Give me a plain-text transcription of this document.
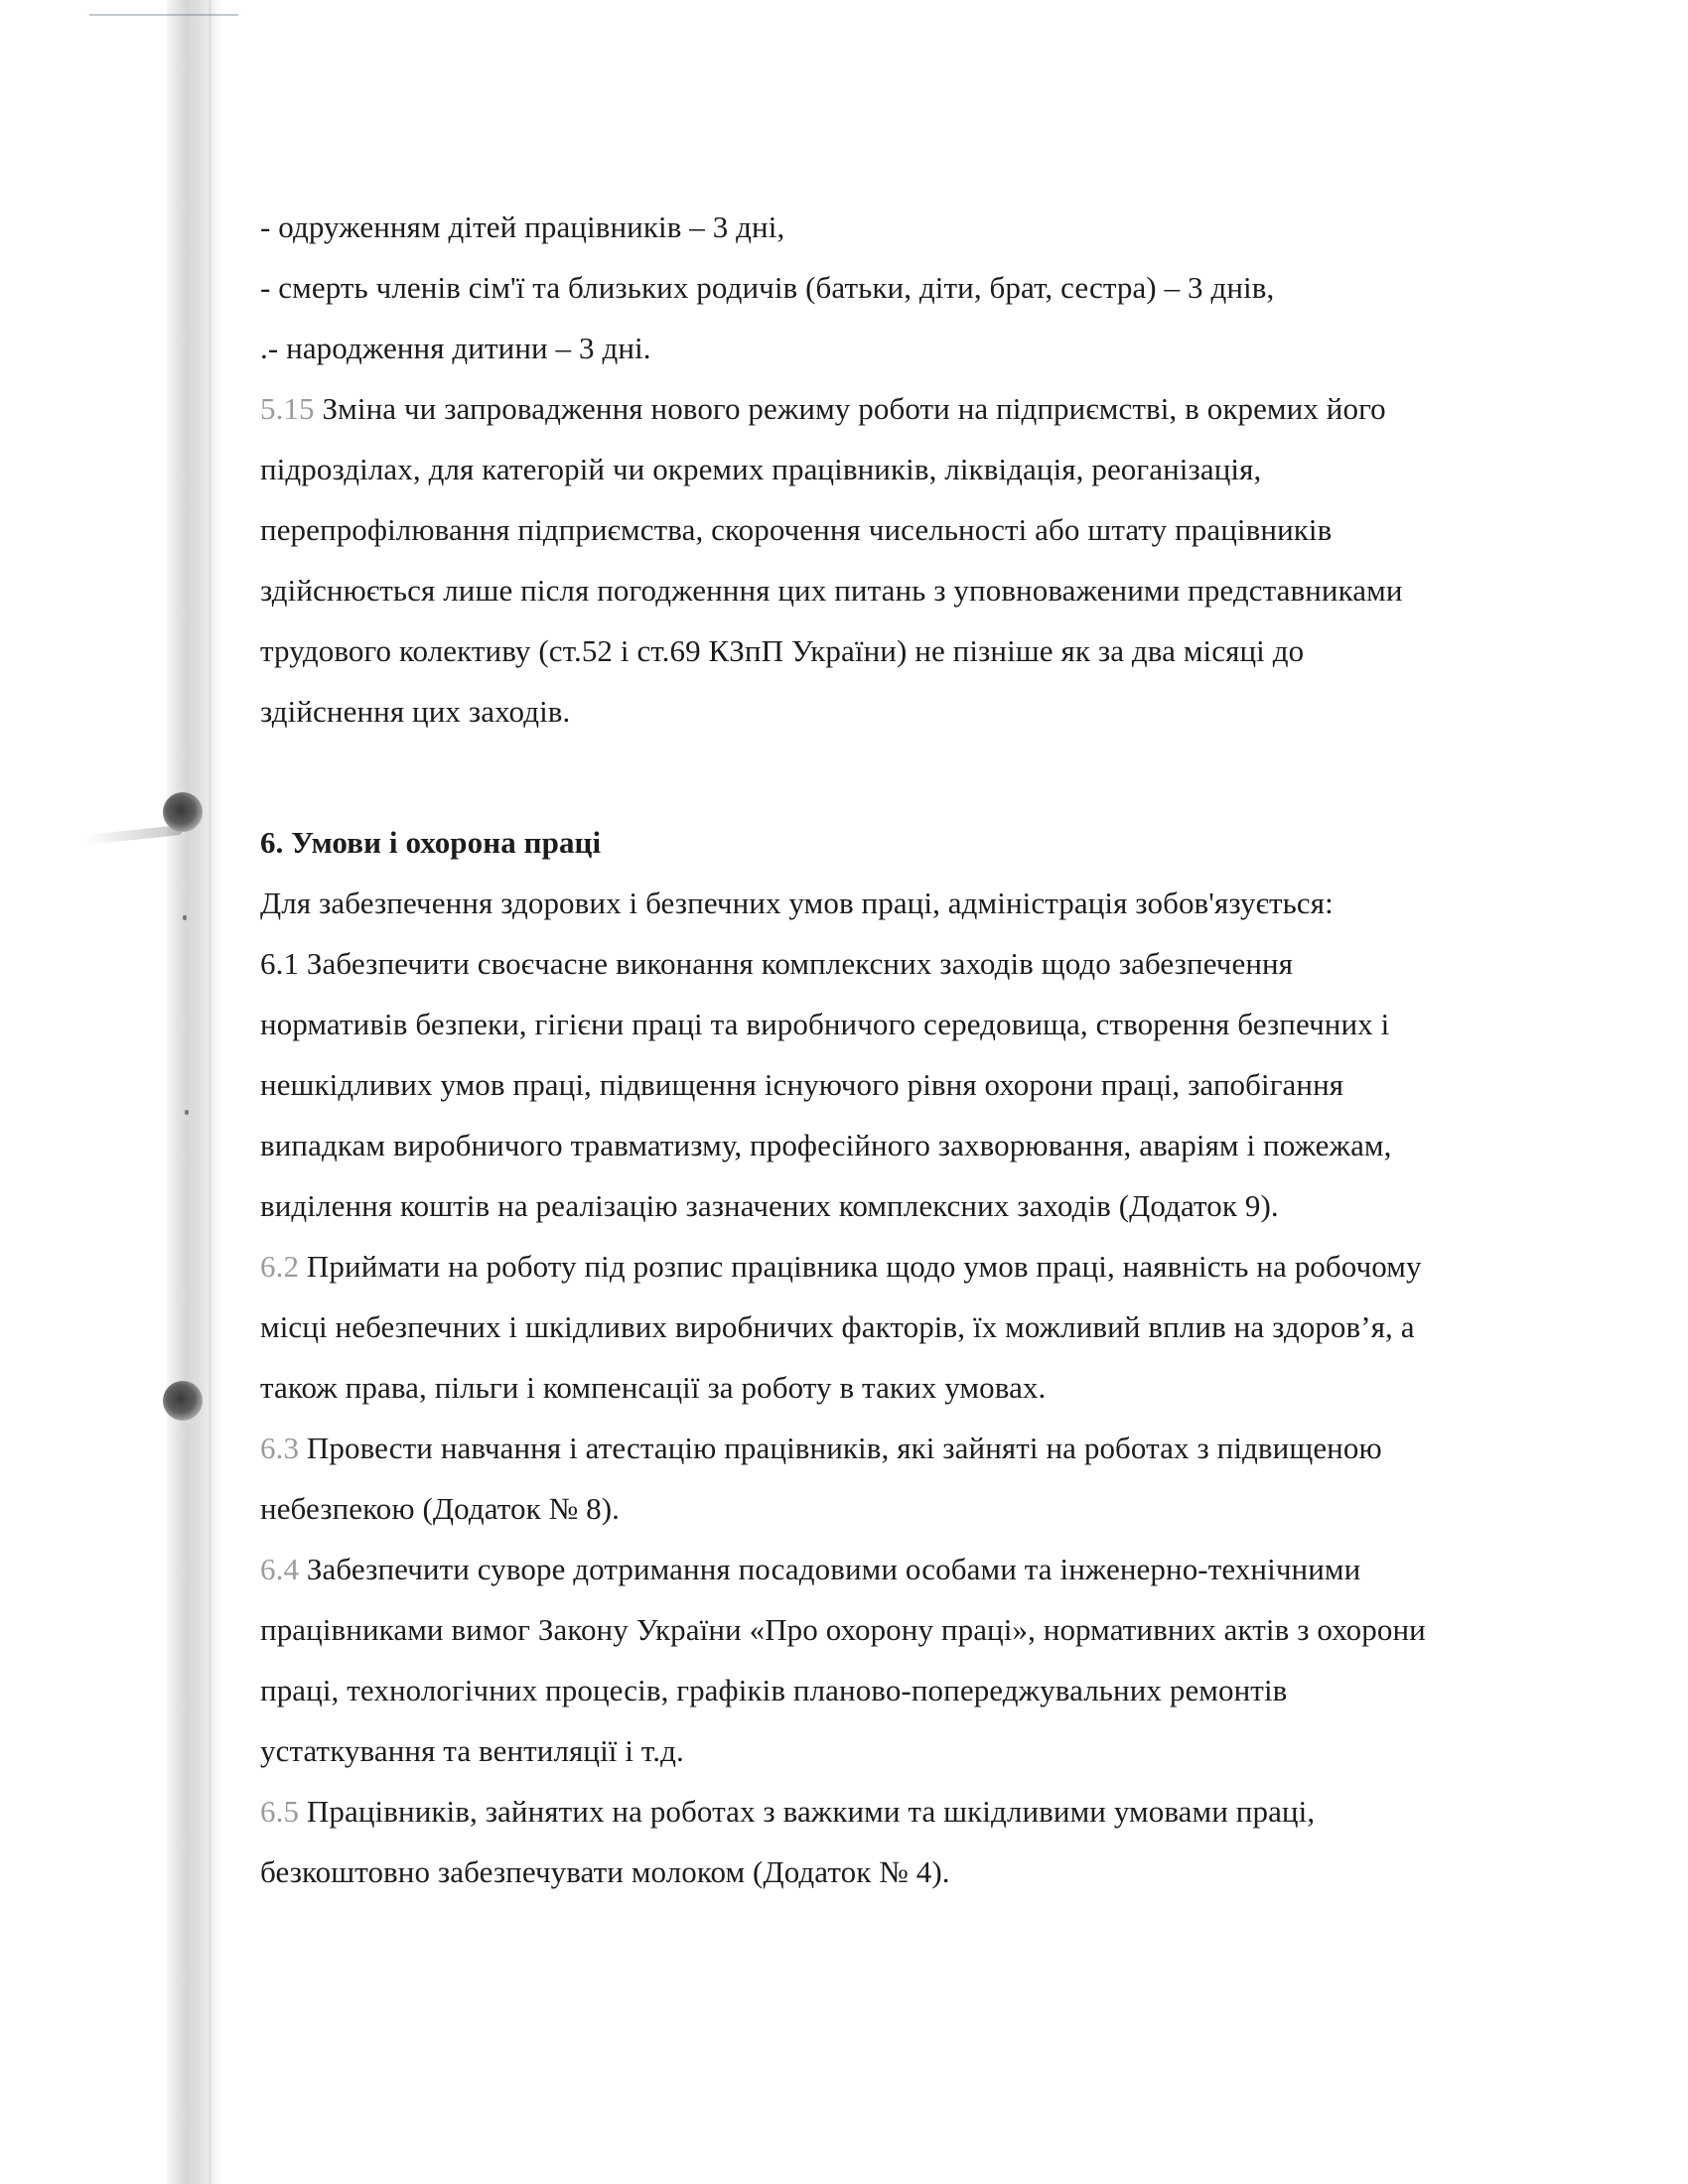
- одруженням дітей працівників – 3 дні,

- смерть членів сім'ї та близьких родичів (батьки, діти, брат, сестра) – 3 днів,

.- народження дитини – 3 дні.

5.15 Зміна чи запровадження нового режиму роботи на підприємстві, в окремих його

підрозділах, для категорій чи окремих працівників, ліквідація, реоганізація,

перепрофілювання підприємства, скорочення чисельності або штату працівників

здійснюється лише після погодженння цих питань з уповноваженими представниками

трудового колективу (ст.52 і ст.69 КЗпП України) не пізніше як за два місяці до

здійснення цих заходів.

6. Умови і охорона праці

Для забезпечення здорових і безпечних умов праці, адміністрація зобов'язується:

6.1 Забезпечити своєчасне виконання комплексних заходів щодо забезпечення

нормативів безпеки, гігієни праці та виробничого середовища, створення безпечних і

нешкідливих умов праці, підвищення існуючого рівня охорони праці, запобігання

випадкам виробничого травматизму, професійного захворювання, аваріям і пожежам,

виділення коштів на реалізацію зазначених комплексних заходів (Додаток 9).

6.2 Приймати на роботу під розпис працівника щодо умов праці, наявність на робочому

місці небезпечних і шкідливих виробничих факторів, їх можливий вплив на здоров’я, а

також права, пільги і компенсації за роботу в таких умовах.

6.3 Провести навчання і атестацію працівників, які зайняті на роботах з підвищеною

небезпекою (Додаток № 8).

6.4 Забезпечити суворе дотримання посадовими особами та інженерно-технічними

працівниками вимог Закону України «Про охорону праці», нормативних актів з охорони

праці, технологічних процесів, графіків планово-попереджувальних ремонтів

устаткування та вентиляції і т.д.

6.5 Працівників, зайнятих на роботах з важкими та шкідливими умовами праці,

безкоштовно забезпечувати молоком (Додаток № 4).
